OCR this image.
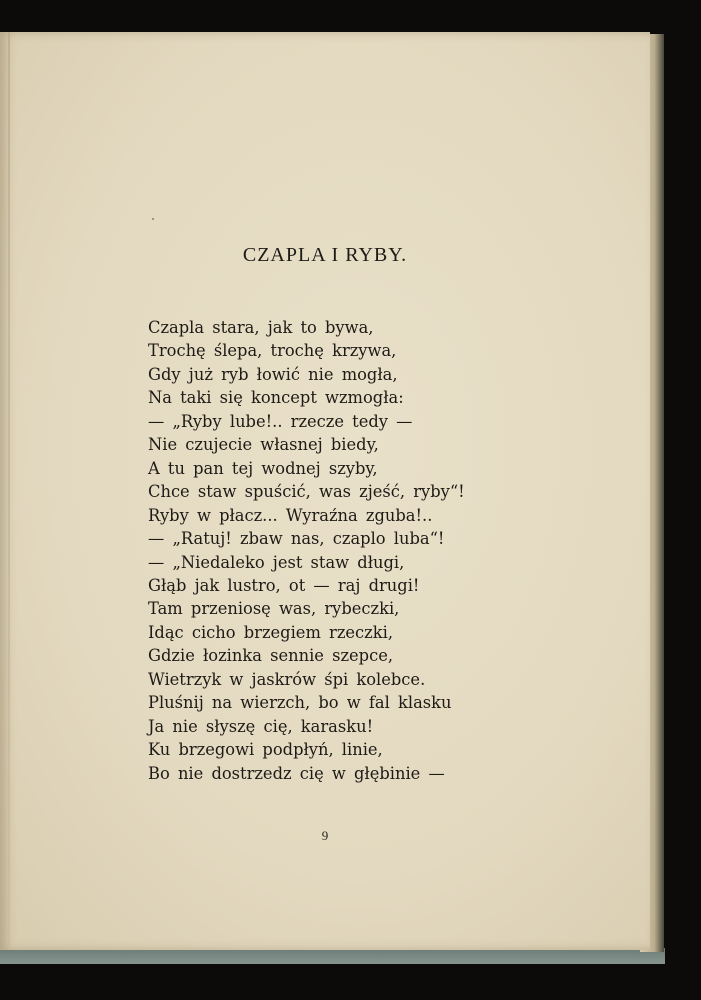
CZAPLA I RYBY.
Czapla stara, jak to bywa,
Trochę ślepa, trochę krzywa,
Gdy już ryb łowić nie mogła,
Na taki się koncept wzmogła:
— „Ryby lube!.. rzecze tedy —
Nie czujecie własnej biedy,
A tu pan tej wodnej szyby,
Chce staw spuścić, was zjeść, ryby“!
Ryby w płacz... Wyraźna zguba!..
— „Ratuj! zbaw nas, czaplo luba“!
— „Niedaleko jest staw długi,
Głąb jak lustro, ot — raj drugi!
Tam przeniosę was, rybeczki,
Idąc cicho brzegiem rzeczki,
Gdzie łozinka sennie szepce,
Wietrzyk w jaskrów śpi kolebce.
Pluśnij na wierzch, bo w fal klasku
Ja nie słyszę cię, karasku!
Ku brzegowi podpłyń, linie,
Bo nie dostrzedz cię w głębinie —
9
